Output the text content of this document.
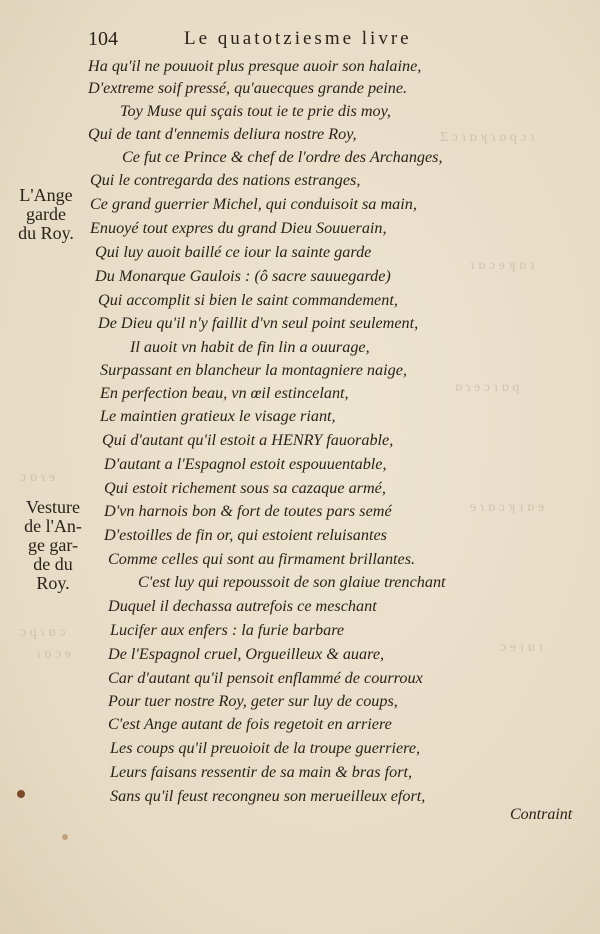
Ʃ ɔ ɿ ɒ ʞ ɿ ɒ q ɔ ɿ
ɿ ɒ ɔ ɘ ʞ ɒ ɿ
ɒ ɿ ɘ ɔ ɿ ɒ q
ɘ ɿ ɒ ɔ ʞ ɿ ɒ ɘ
ɔ ɘ ɿ ɒ ɿ
ɔ q ɿ ɒ ɔ
ɿ ɒ ɔ ɘ
ɔ ɒ ɿ ɘ
104	Le quatotziesme livre
Ha qu'il ne pouuoit plus presque auoir son halaine,
D'extreme soif pressé, qu'auecques grande peine.
Toy Muse qui sçais tout ie te prie dis moy,
Qui de tant d'ennemis deliura nostre Roy,
Ce fut ce Prince & chef de l'ordre des Archanges,
Qui le contregarda des nations estranges,
Ce grand guerrier Michel, qui conduisoit sa main,
Enuoyé tout expres du grand Dieu Souuerain,
Qui luy auoit baillé ce iour la sainte garde
Du Monarque Gaulois : (ô sacre sauuegarde)
Qui accomplit si bien le saint commandement,
De Dieu qu'il n'y faillit d'vn seul point seulement,
Il auoit vn habit de fin lin a ouurage,
Surpassant en blancheur la montagniere naige,
En perfection beau, vn œil estincelant,
Le maintien gratieux le visage riant,
Qui d'autant qu'il estoit a HENRY fauorable,
D'autant a l'Espagnol estoit espouuentable,
Qui estoit richement sous sa cazaque armé,
D'vn harnois bon & fort de toutes pars semé
D'estoilles de fin or, qui estoient reluisantes
Comme celles qui sont au firmament brillantes.
C'est luy qui repoussoit de son glaiue trenchant
Duquel il dechassa autrefois ce meschant
Lucifer aux enfers : la furie barbare
De l'Espagnol cruel, Orgueilleux & auare,
Car d'autant qu'il pensoit enflammé de courroux
Pour tuer nostre Roy, geter sur luy de coups,
C'est Ange autant de fois regetoit en arriere
Les coups qu'il preuoioit de la troupe guerriere,
Leurs faisans ressentir de sa main & bras fort,
Sans qu'il feust recongneu son merueilleux efort,
L'Ange
garde
du Roy.
Vesture
de l'An-
ge gar-
de du
Roy.
Contraint
